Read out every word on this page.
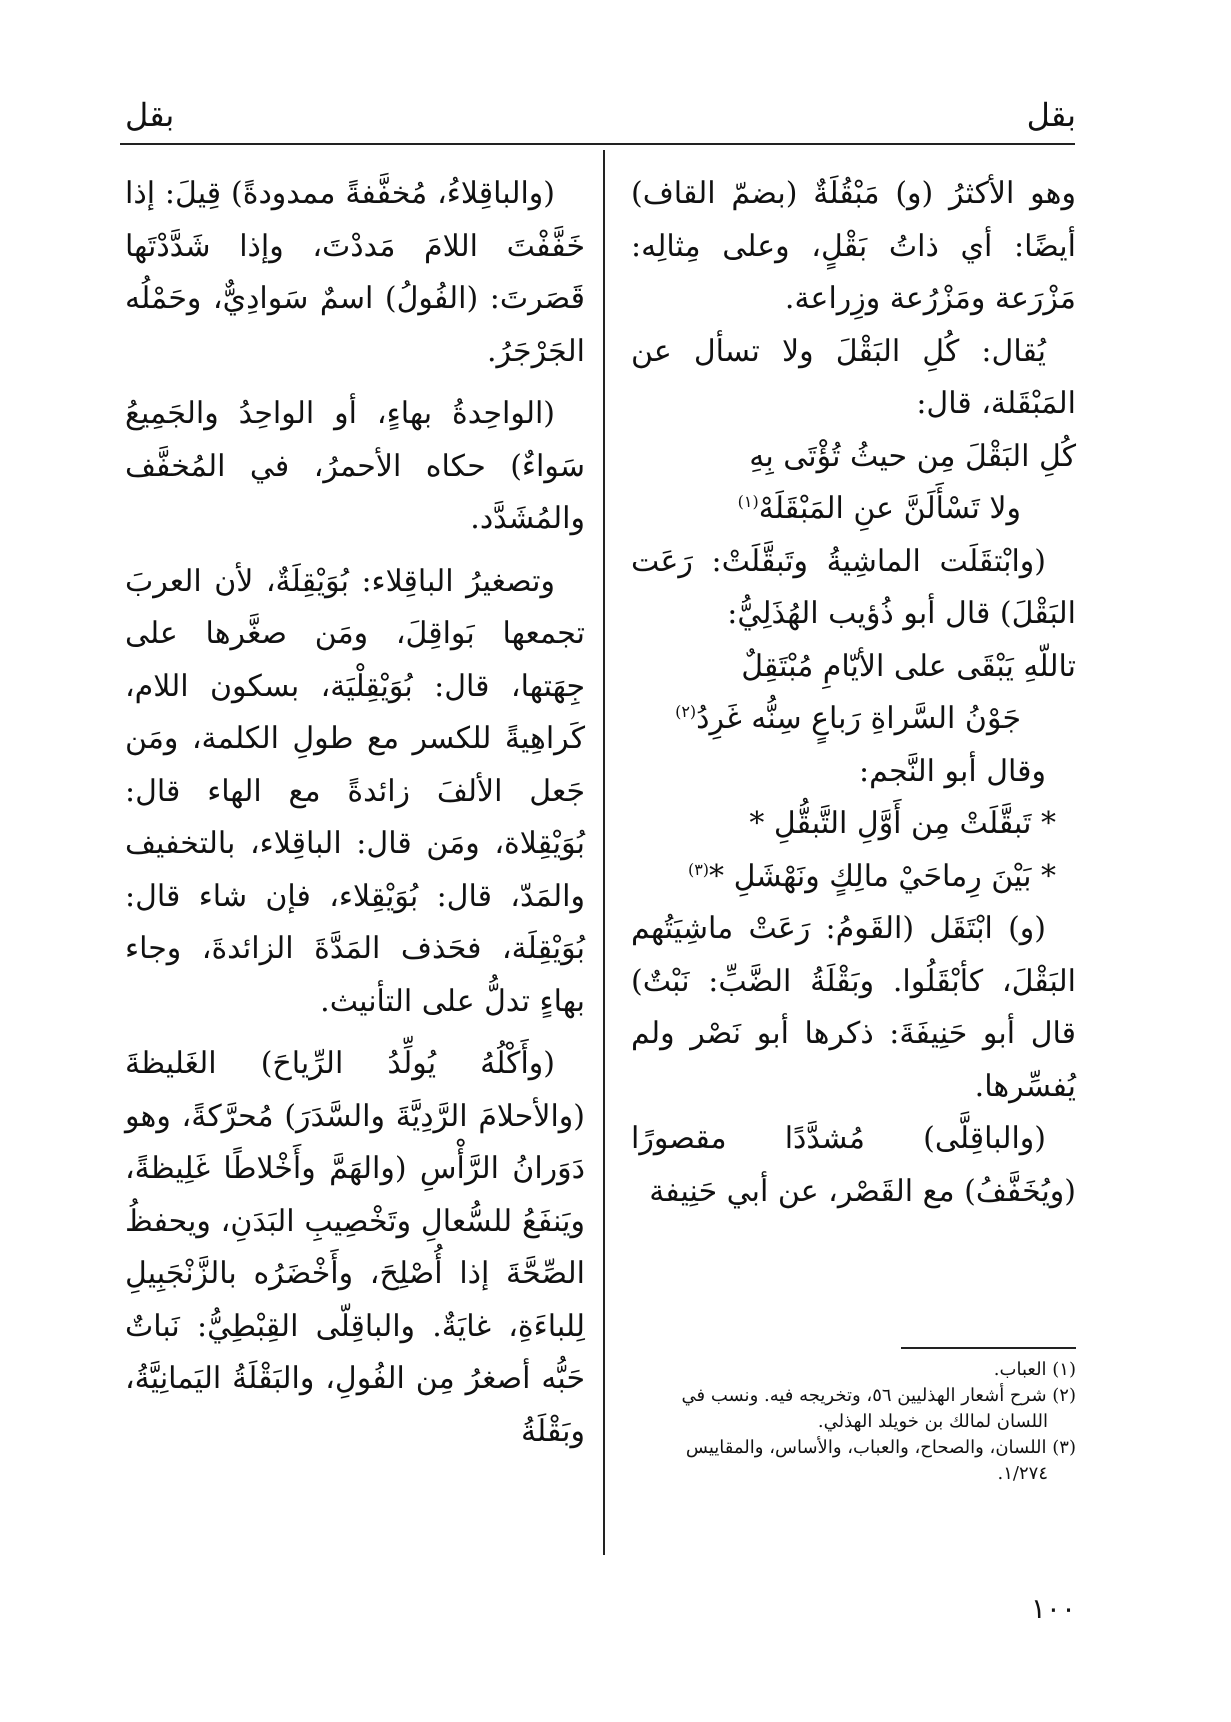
بقل
بقل

وهو الأكثرُ (و) مَبْقُلَةٌ (بضمّ القاف) أيضًا: أي ذاتُ بَقْلٍ، وعلى مِثالِه: مَزْرَعة ومَزْرُعة وزِراعة.

يُقال: كُلِ البَقْلَ ولا تسأل عن المَبْقَلة، قال:

كُلِ البَقْلَ مِن حيثُ تُؤْتَى بِهِ
ولا تَسْأَلَنَّ عنِ المَبْقَلَهْ$^{(١)}$

(وابْتقَلَت الماشِيةُ وتَبقَّلَتْ: رَعَت البَقْلَ) قال أبو ذُؤيب الهُذَلِيُّ:

تاللّهِ يَبْقَى على الأيّامِ مُبْتَقِلٌ
جَوْنُ السَّراةِ رَباعٍ سِنُّه غَرِدُ$^{(٢)}$

وقال أبو النَّجم:

* تَبقَّلَتْ مِن أَوَّلِ التَّبقُّلِ *
* بَيْنَ رِماحَيْ مالِكٍ ونَهْشَلِ *$^{(٣)}$

(و) ابْتَقَل (القَومُ: رَعَتْ ماشِيَتُهم البَقْلَ، كأبْقَلُوا. وبَقْلَةُ الضَّبِّ: نَبْتٌ) قال أبو حَنِيفَةَ: ذكرها أبو نَصْر ولم يُفسِّرها.

(والباقِلَّى) مُشدَّدًا مقصورًا (ويُخَفَّفُ) مع القَصْر، عن أبي حَنِيفة

(والباقِلاءُ، مُخفَّفةً ممدودةً) قِيلَ: إذا خَفَّفْتَ اللامَ مَددْتَ، وإذا شَدَّدْتَها قَصَرتَ: (الفُولُ) اسمٌ سَوادِيٌّ، وحَمْلُه الجَرْجَرُ.

(الواحِدةُ بهاءٍ، أو الواحِدُ والجَمِيعُ سَواءٌ) حكاه الأحمرُ، في المُخفَّف والمُشَدَّد.

وتصغيرُ الباقِلاء: بُوَيْقِلَةٌ، لأن العربَ تجمعها بَواقِلَ، ومَن صغَّرها على جِهَتها، قال: بُوَيْقِلْيَة، بسكون اللام، كَراهِيةً للكسر مع طولِ الكلمة، ومَن جَعل الألفَ زائدةً مع الهاء قال: بُوَيْقِلاة، ومَن قال: الباقِلاء، بالتخفيف والمَدّ، قال: بُوَيْقِلاء، فإن شاء قال: بُوَيْقِلَة، فحَذف المَدَّةَ الزائدةَ، وجاء بهاءٍ تدلُّ على التأنيث.

(وأَكْلُهُ يُولِّدُ الرِّياحَ) الغَليظةَ (والأحلامَ الرَّدِيَّةَ والسَّدَرَ) مُحرَّكةً، وهو دَوَرانُ الرَّأْسِ (والهَمَّ وأَخْلاطًا غَلِيظةً، ويَنفَعُ للسُّعالِ وتَخْصِيبِ البَدَنِ، ويحفظُ الصِّحَّةَ إذا أُصْلِحَ، وأَخْضَرُه بالزَّنْجَبِيلِ لِلباءَةِ، غايَةٌ. والباقِلّى القِبْطِيُّ: نَباتٌ حَبُّه أصغرُ مِن الفُولِ، والبَقْلَةُ اليَمانِيَّةُ، وبَقْلَةُ

(١) العباب.

(٢) شرح أشعار الهذليين ٥٦، وتخريجه فيه. ونسب في

اللسان لمالك بن خويلد الهذلي.

(٣) اللسان، والصحاح، والعباب، والأساس، والمقاييس

١/٢٧٤.

١٠٠
